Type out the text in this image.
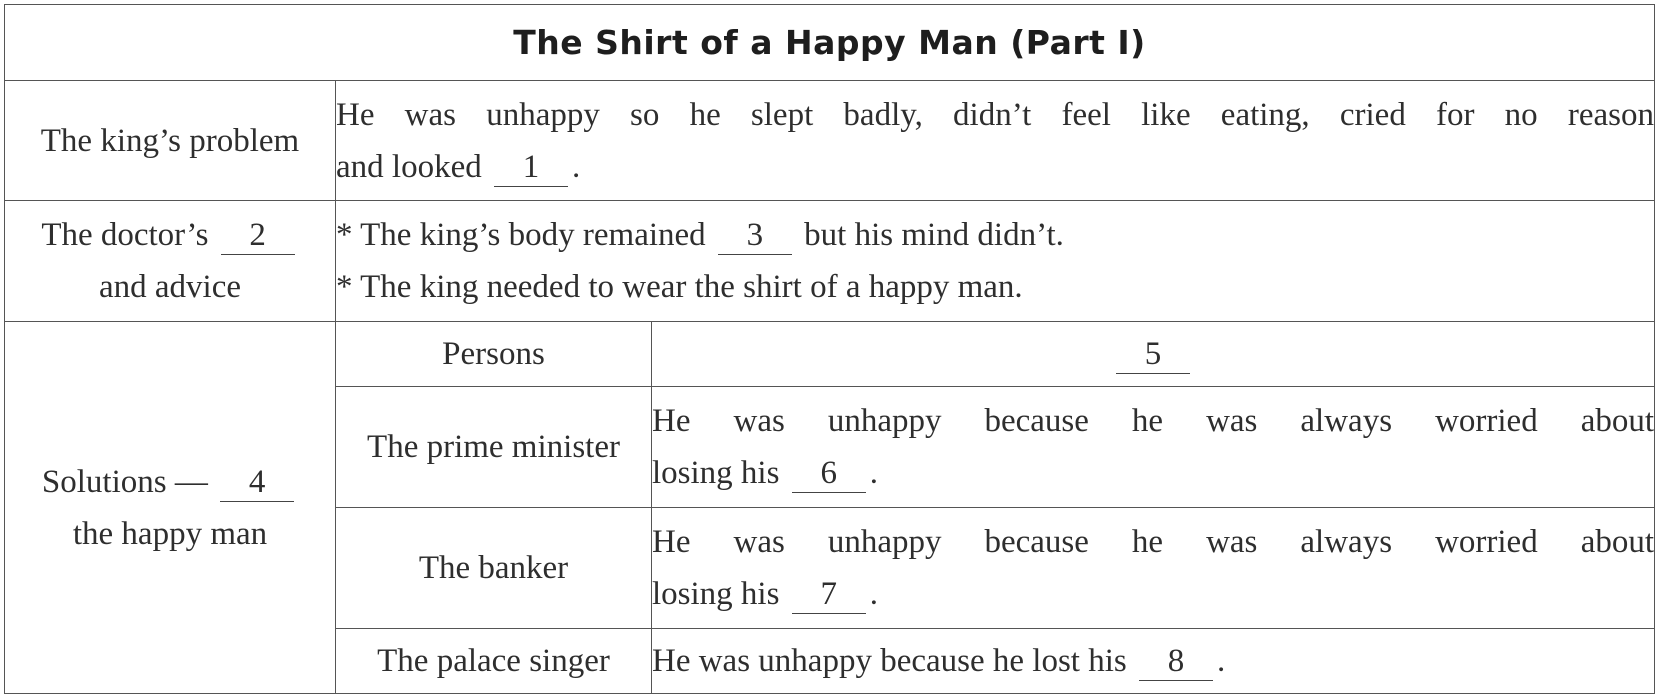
The Shirt of a Happy Man (Part Ⅰ)		
The king’s problem	He was unhappy so he slept badly, didn’t feel like eating, cried for no reason
and looked 1 .	

The doctor’s 2
and advice	* The king’s body remained 3 but his mind didn’t.
* The king needed to wear the shirt of a happy man.	

Solutions — 4
the happy man	Persons	5
	The prime minister	He was unhappy because he was always worried about
losing his 6 .

	The banker	He was unhappy because he was always worried about
losing his 7 .

	The palace singer	He was unhappy because he lost his 8 .
